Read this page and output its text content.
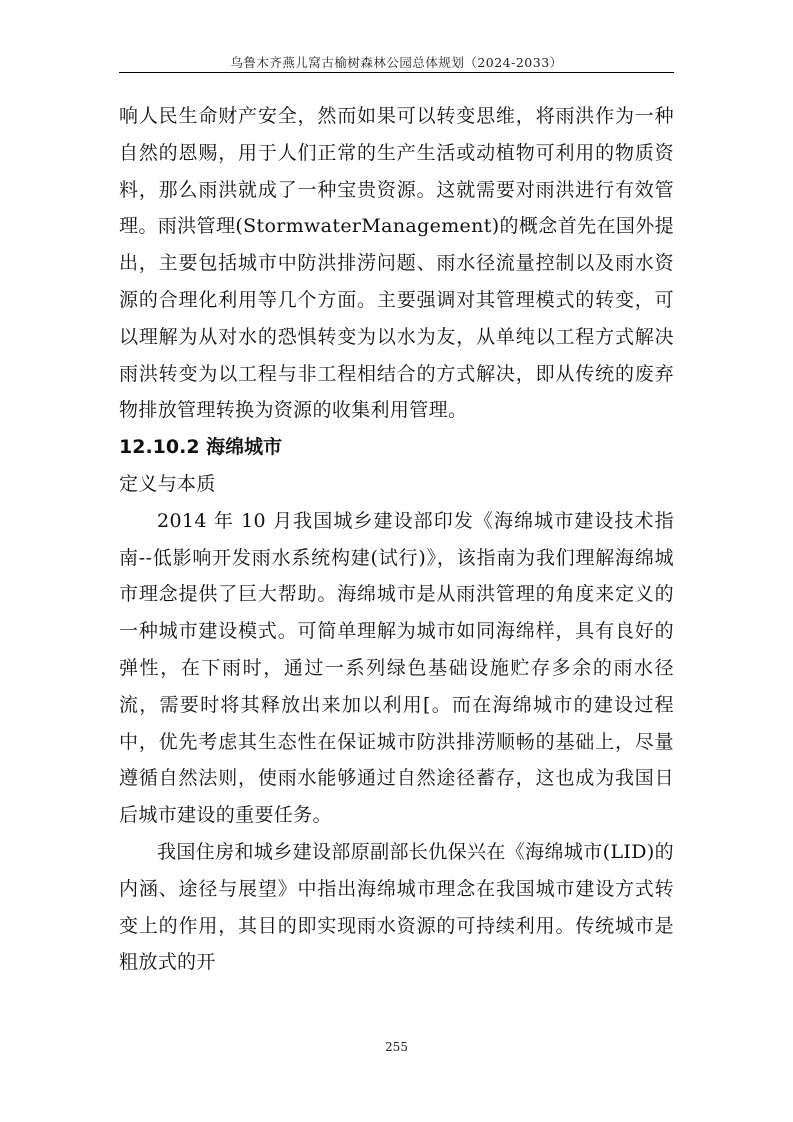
乌鲁木齐燕儿窝古榆树森林公园总体规划（2024-2033）

响人民生命财产安全，然而如果可以转变思维，将雨洪作为一种自然的恩赐，用于人们正常的生产生活或动植物可利用的物质资料，那么雨洪就成了一种宝贵资源。这就需要对雨洪进行有效管理。雨洪管理(StormwaterManagement)的概念首先在国外提出，主要包括城市中防洪排涝问题、雨水径流量控制以及雨水资源的合理化利用等几个方面。主要强调对其管理模式的转变，可以理解为从对水的恐惧转变为以水为友，从单纯以工程方式解决雨洪转变为以工程与非工程相结合的方式解决，即从传统的废弃物排放管理转换为资源的收集利用管理。

12.10.2 海绵城市

定义与本质

2014 年 10 月我国城乡建设部印发《海绵城市建设技术指南--低影响开发雨水系统构建(试行)》，该指南为我们理解海绵城市理念提供了巨大帮助。海绵城市是从雨洪管理的角度来定义的一种城市建设模式。可简单理解为城市如同海绵样，具有良好的弹性，在下雨时，通过一系列绿色基础设施贮存多余的雨水径流，需要时将其释放出来加以利用[。而在海绵城市的建设过程中，优先考虑其生态性在保证城市防洪排涝顺畅的基础上，尽量遵循自然法则，使雨水能够通过自然途径蓄存，这也成为我国日后城市建设的重要任务。

我国住房和城乡建设部原副部长仇保兴在《海绵城市(LID)的内涵、途径与展望》中指出海绵城市理念在我国城市建设方式转变上的作用，其目的即实现雨水资源的可持续利用。传统城市是粗放式的开

255
